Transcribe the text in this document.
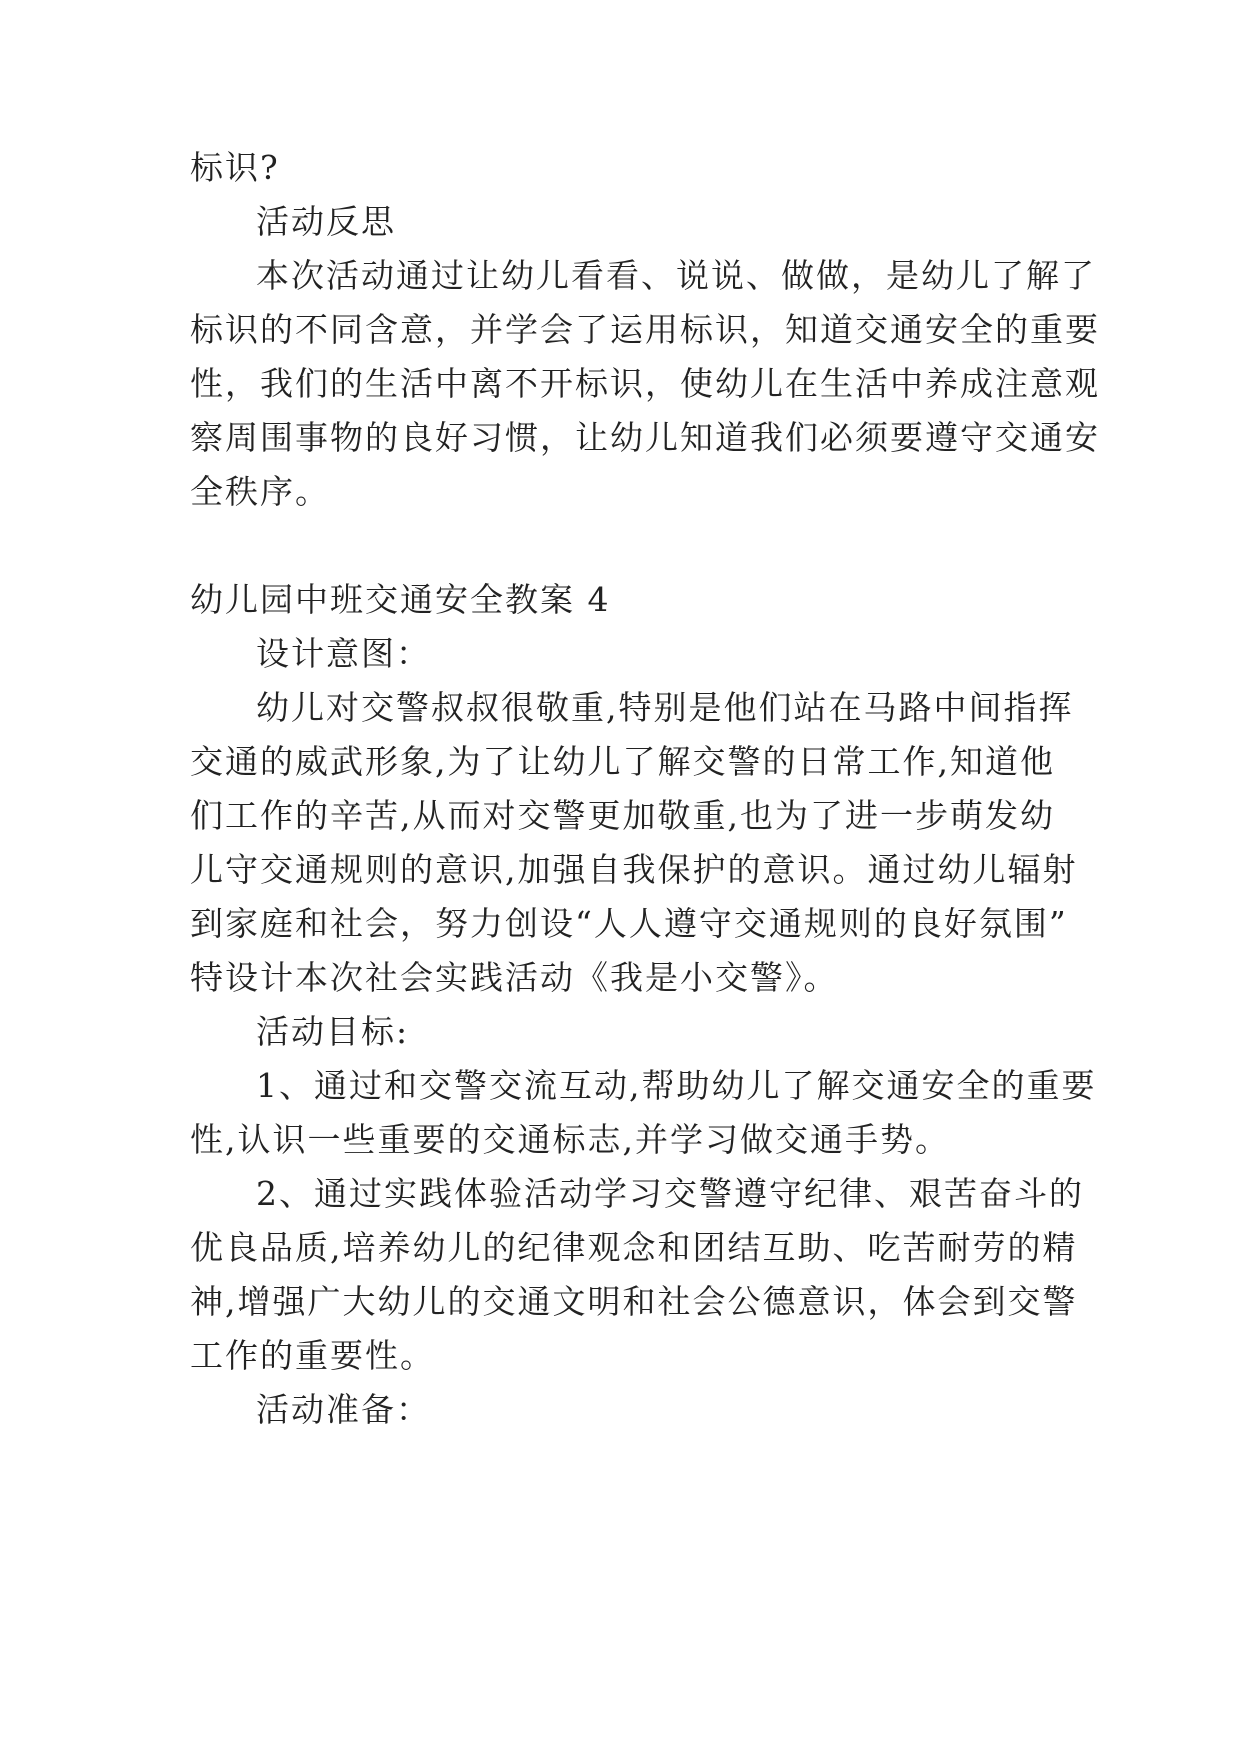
标识?
活动反思
本次活动通过让幼儿看看、说说、做做，是幼儿了解了
标识的不同含意，并学会了运用标识，知道交通安全的重要
性，我们的生活中离不开标识，使幼儿在生活中养成注意观
察周围事物的良好习惯，让幼儿知道我们必须要遵守交通安
全秩序。
幼儿园中班交通安全教案 4
设计意图：
幼儿对交警叔叔很敬重,特别是他们站在马路中间指挥
交通的威武形象,为了让幼儿了解交警的日常工作,知道他
们工作的辛苦,从而对交警更加敬重,也为了进一步萌发幼
儿守交通规则的意识,加强自我保护的意识。通过幼儿辐射
到家庭和社会，努力创设“人人遵守交通规则的良好氛围”
特设计本次社会实践活动《我是小交警》。
活动目标:
1、通过和交警交流互动,帮助幼儿了解交通安全的重要
性,认识一些重要的交通标志,并学习做交通手势。
2、通过实践体验活动学习交警遵守纪律、艰苦奋斗的
优良品质,培养幼儿的纪律观念和团结互助、吃苦耐劳的精
神,增强广大幼儿的交通文明和社会公德意识，体会到交警
工作的重要性。
活动准备：
